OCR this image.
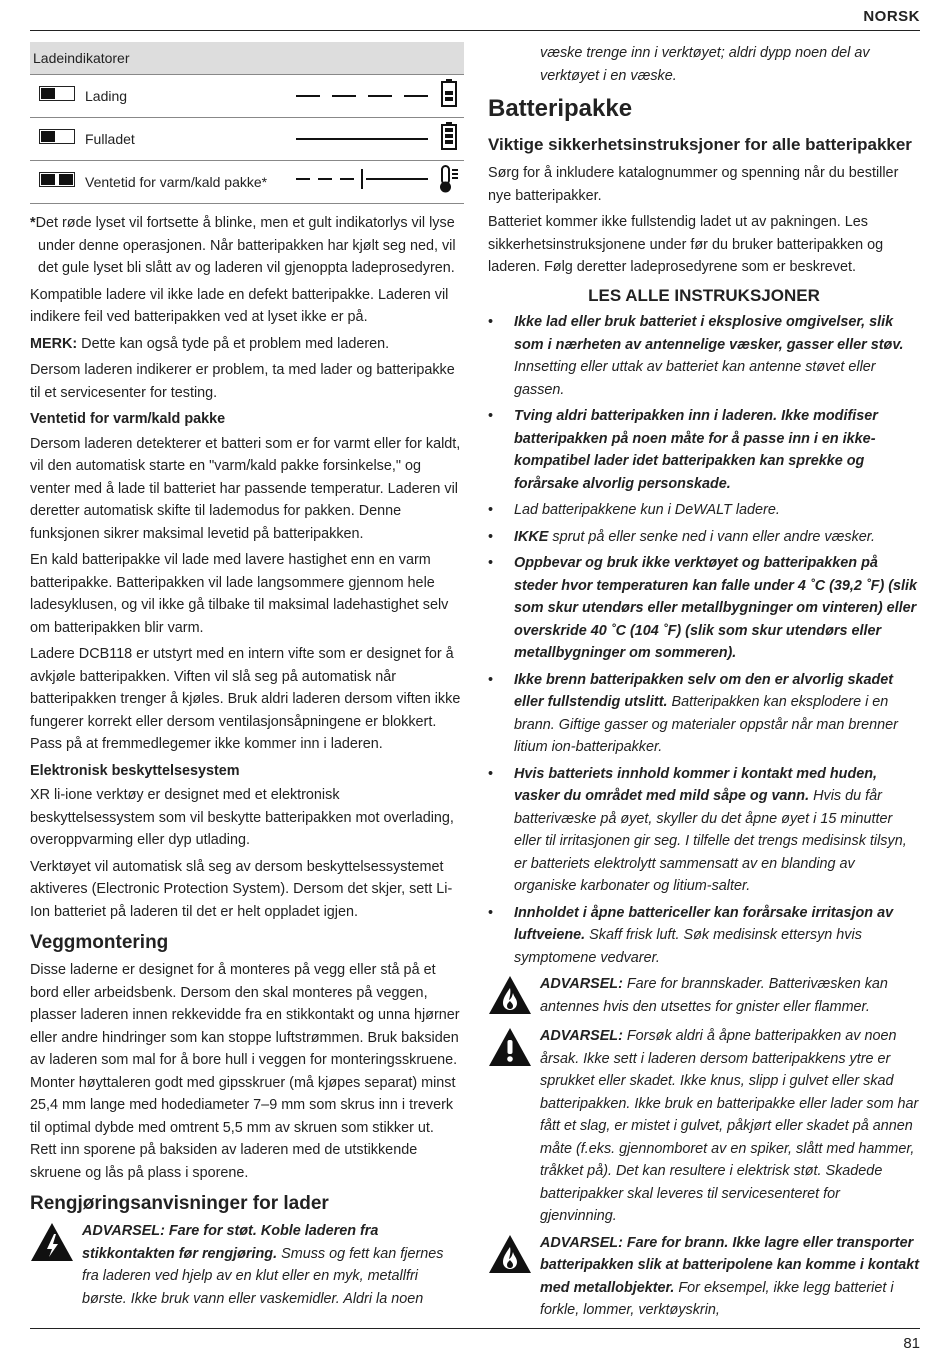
NORSK
Ladeindikatorer			

	Lading		

	Fulladet		

	Ventetid for varm/kald pakke*		

*Det røde lyset vil fortsette å blinke, men et gult indikatorlys vil lyse under denne operasjonen. Når batteripakken har kjølt seg ned, vil det gule lyset bli slått av og laderen vil gjenoppta ladeprosedyren.

Kompatible ladere vil ikke lade en defekt batteripakke. Laderen vil indikere feil ved batteripakken ved at lyset ikke er på.

MERK: Dette kan også tyde på et problem med laderen.

Dersom laderen indikerer er problem, ta med lader og batteripakke til et servicesenter for testing.

Ventetid for varm/kald pakke

Dersom laderen detekterer et batteri som er for varmt eller for kaldt, vil den automatisk starte en "varm/kald pakke forsinkelse," og venter med å lade til batteriet har passende temperatur. Laderen vil deretter automatisk skifte til lademodus for pakken. Denne funksjonen sikrer maksimal levetid på batteripakken.

En kald batteripakke vil lade med lavere hastighet enn en varm batteripakke. Batteripakken vil lade langsommere gjennom hele ladesyklusen, og vil ikke gå tilbake til maksimal ladehastighet selv om batteripakken blir varm.

Ladere DCB118 er utstyrt med en intern vifte som er designet for å avkjøle batteripakken. Viften vil slå seg på automatisk når batteripakken trenger å kjøles. Bruk aldri laderen dersom viften ikke fungerer korrekt eller dersom ventilasjonsåpningene er blokkert. Pass på at fremmedlegemer ikke kommer inn i laderen.

Elektronisk beskyttelsesystem

XR li-ione verktøy er designet med et elektronisk beskyttelsessystem som vil beskytte batteripakken mot overlading, overoppvarming eller dyp utlading.

Verktøyet vil automatisk slå seg av dersom beskyttelsessystemet aktiveres (Electronic Protection System). Dersom det skjer, sett Li-Ion batteriet på laderen til det er helt oppladet igjen.

Veggmontering

Disse laderne er designet for å monteres på vegg eller stå på et bord eller arbeidsbenk. Dersom den skal monteres på veggen, plasser laderen innen rekkevidde fra en stikkontakt og unna hjørner eller andre hindringer som kan stoppe luftstrømmen. Bruk baksiden av laderen som mal for å bore hull i veggen for monteringsskruene. Monter høyttaleren godt med gipsskruer (må kjøpes separat) minst 25,4 mm lange med hodediameter 7–9 mm som skrus inn i treverk til optimal dybde med omtrent 5,5 mm av skruen som stikker ut. Rett inn sporene på baksiden av laderen med de utstikkende skruene og lås på plass i sporene.

Rengjøringsanvisninger for lader
ADVARSEL: Fare for støt. Koble laderen fra stikkontakten før rengjøring. Smuss og fett kan fjernes fra laderen ved hjelp av en klut eller en myk, metallfri børste. Ikke bruk vann eller vaskemidler. Aldri la noen

væske trenge inn i verktøyet; aldri dypp noen del av verktøyet i en væske.

Batteripakke
Viktige sikkerhetsinstruksjoner for alle batteripakker

Sørg for å inkludere katalognummer og spenning når du bestiller nye batteripakker.

Batteriet kommer ikke fullstendig ladet ut av pakningen. Les sikkerhetsinstruksjonene under før du bruker batteripakken og laderen. Følg deretter ladeprosedyrene som er beskrevet.

LES ALLE INSTRUKSJONER
• Ikke lad eller bruk batteriet i eksplosive omgivelser, slik som i nærheten av antennelige væsker, gasser eller støv. Innsetting eller uttak av batteriet kan antenne støvet eller gassen.
• Tving aldri batteripakken inn i laderen. Ikke modifiser batteripakken på noen måte for å passe inn i en ikke-kompatibel lader idet batteripakken kan sprekke og forårsake alvorlig personskade.
• Lad batteripakkene kun i DeWALT ladere.
• IKKE sprut på eller senke ned i vann eller andre væsker.
• Oppbevar og bruk ikke verktøyet og batteripakken på steder hvor temperaturen kan falle under 4 ˚C (39,2 ˚F) (slik som skur utendørs eller metallbygninger om vinteren) eller overskride 40 ˚C (104 ˚F) (slik som skur utendørs eller metallbygninger om sommeren).
• Ikke brenn batteripakken selv om den er alvorlig skadet eller fullstendig utslitt. Batteripakken kan eksplodere i en brann. Giftige gasser og materialer oppstår når man brenner litium ion-batteripakker.
• Hvis batteriets innhold kommer i kontakt med huden, vasker du området med mild såpe og vann. Hvis du får batterivæske på øyet, skyller du det åpne øyet i 15 minutter eller til irritasjonen gir seg. I tilfelle det trengs medisinsk tilsyn, er batteriets elektrolytt sammensatt av en blanding av organiske karbonater og litium-salter.
• Innholdet i åpne battericeller kan forårsake irritasjon av luftveiene. Skaff frisk luft. Søk medisinsk ettersyn hvis symptomene vedvarer.
ADVARSEL: Fare for brannskader. Batterivæsken kan antennes hvis den utsettes for gnister eller flammer.
ADVARSEL: Forsøk aldri å åpne batteripakken av noen årsak. Ikke sett i laderen dersom batteripakkens ytre er sprukket eller skadet. Ikke knus, slipp i gulvet eller skad batteripakken. Ikke bruk en batteripakke eller lader som har fått et slag, er mistet i gulvet, påkjørt eller skadet på annen måte (f.eks. gjennomboret av en spiker, slått med hammer, tråkket på). Det kan resultere i elektrisk støt. Skadede batteripakker skal leveres til servicesenteret for gjenvinning.
ADVARSEL: Fare for brann. Ikke lagre eller transporter batteripakken slik at batteripolene kan komme i kontakt med metallobjekter. For eksempel, ikke legg batteriet i forkle, lommer, verktøyskrin,
81
